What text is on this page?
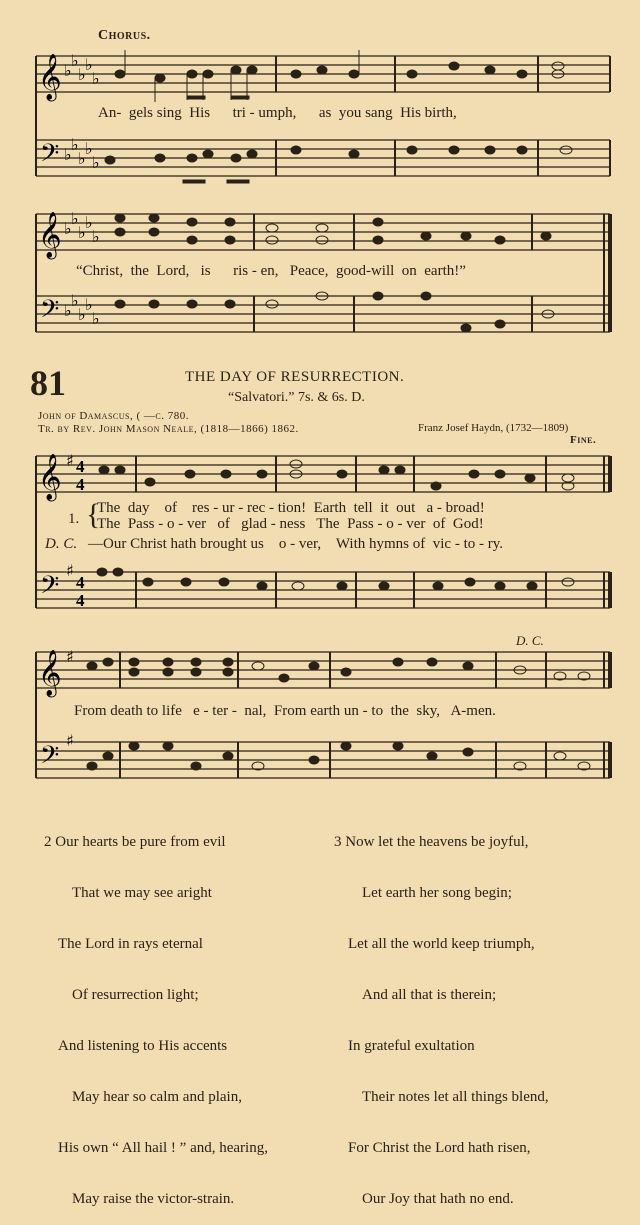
𝄞
𝄢
♭
♭
♭
♭
♭
♭
♭
♭
♭
♭
Chorus.
An-  gels sing  His      tri - umph,      as  you sang  His birth,
𝄞
𝄢
♭
♭
♭
♭
♭
♭
♭
♭
♭
♭
“Christ,  the  Lord,   is      ris - en,   Peace,  good-will  on  earth!”
81	THE DAY OF RESURRECTION.
“Salvatori.” 7s. & 6s. D.
John of Damascus, ( —c. 780.
Tr. by Rev. John Mason Neale, (1818—1866) 1862.	Franz Josef Haydn, (1732—1809)
Fine.
𝄞
𝄢
♯
♯
4
4
4
4
1. {
The  day    of    res - ur - rec - tion!  Earth  tell  it  out   a - broad!
The  Pass - o - ver   of   glad - ness   The  Pass - o - ver  of  God!
D. C. —Our Christ hath brought us    o - ver,    With hymns of  vic - to - ry.
𝄞
𝄢
♯
♯
D. C.
From death to life   e - ter -  nal,  From earth un - to  the  sky,   A-men.

2 Our hearts be pure from evil

That we may see aright

The Lord in rays eternal

Of resurrection light;

And listening to His accents

May hear so calm and plain,

His own “ All hail ! ” and, hearing,

May raise the victor-strain.

3 Now let the heavens be joyful,

Let earth her song begin;

Let all the world keep triumph,

And all that is therein;

In grateful exultation

Their notes let all things blend,

For Christ the Lord hath risen,

Our Joy that hath no end.
